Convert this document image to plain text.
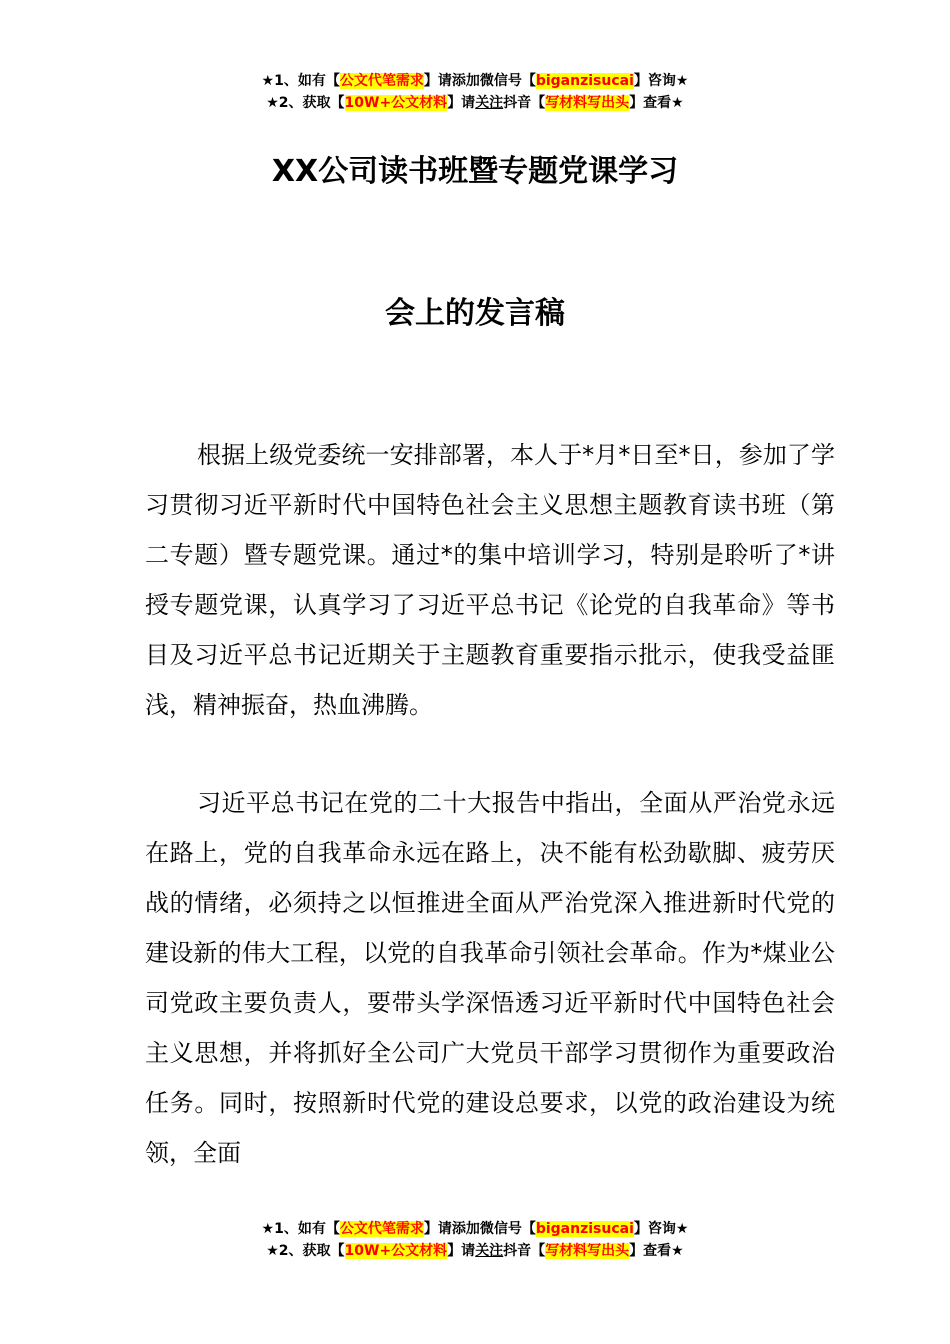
★1、如有【公文代笔需求】请添加微信号【biganzisucai】咨询★
★2、获取【10W+公文材料】请关注抖音【写材料写出头】查看★
XX公司读书班暨专题党课学习
会上的发言稿

根据上级党委统一安排部署，本人于*月*日至*日，参加了学习贯彻习近平新时代中国特色社会主义思想主题教育读书班（第二专题）暨专题党课。通过*的集中培训学习，特别是聆听了*讲授专题党课，认真学习了习近平总书记《论党的自我革命》等书目及习近平总书记近期关于主题教育重要指示批示，使我受益匪浅，精神振奋，热血沸腾。

习近平总书记在党的二十大报告中指出，全面从严治党永远在路上，党的自我革命永远在路上，决不能有松劲歇脚、疲劳厌战的情绪，必须持之以恒推进全面从严治党深入推进新时代党的建设新的伟大工程，以党的自我革命引领社会革命。作为*煤业公司党政主要负责人，要带头学深悟透习近平新时代中国特色社会主义思想，并将抓好全公司广大党员干部学习贯彻作为重要政治任务。同时，按照新时代党的建设总要求，以党的政治建设为统领，全面

★1、如有【公文代笔需求】请添加微信号【biganzisucai】咨询★
★2、获取【10W+公文材料】请关注抖音【写材料写出头】查看★
